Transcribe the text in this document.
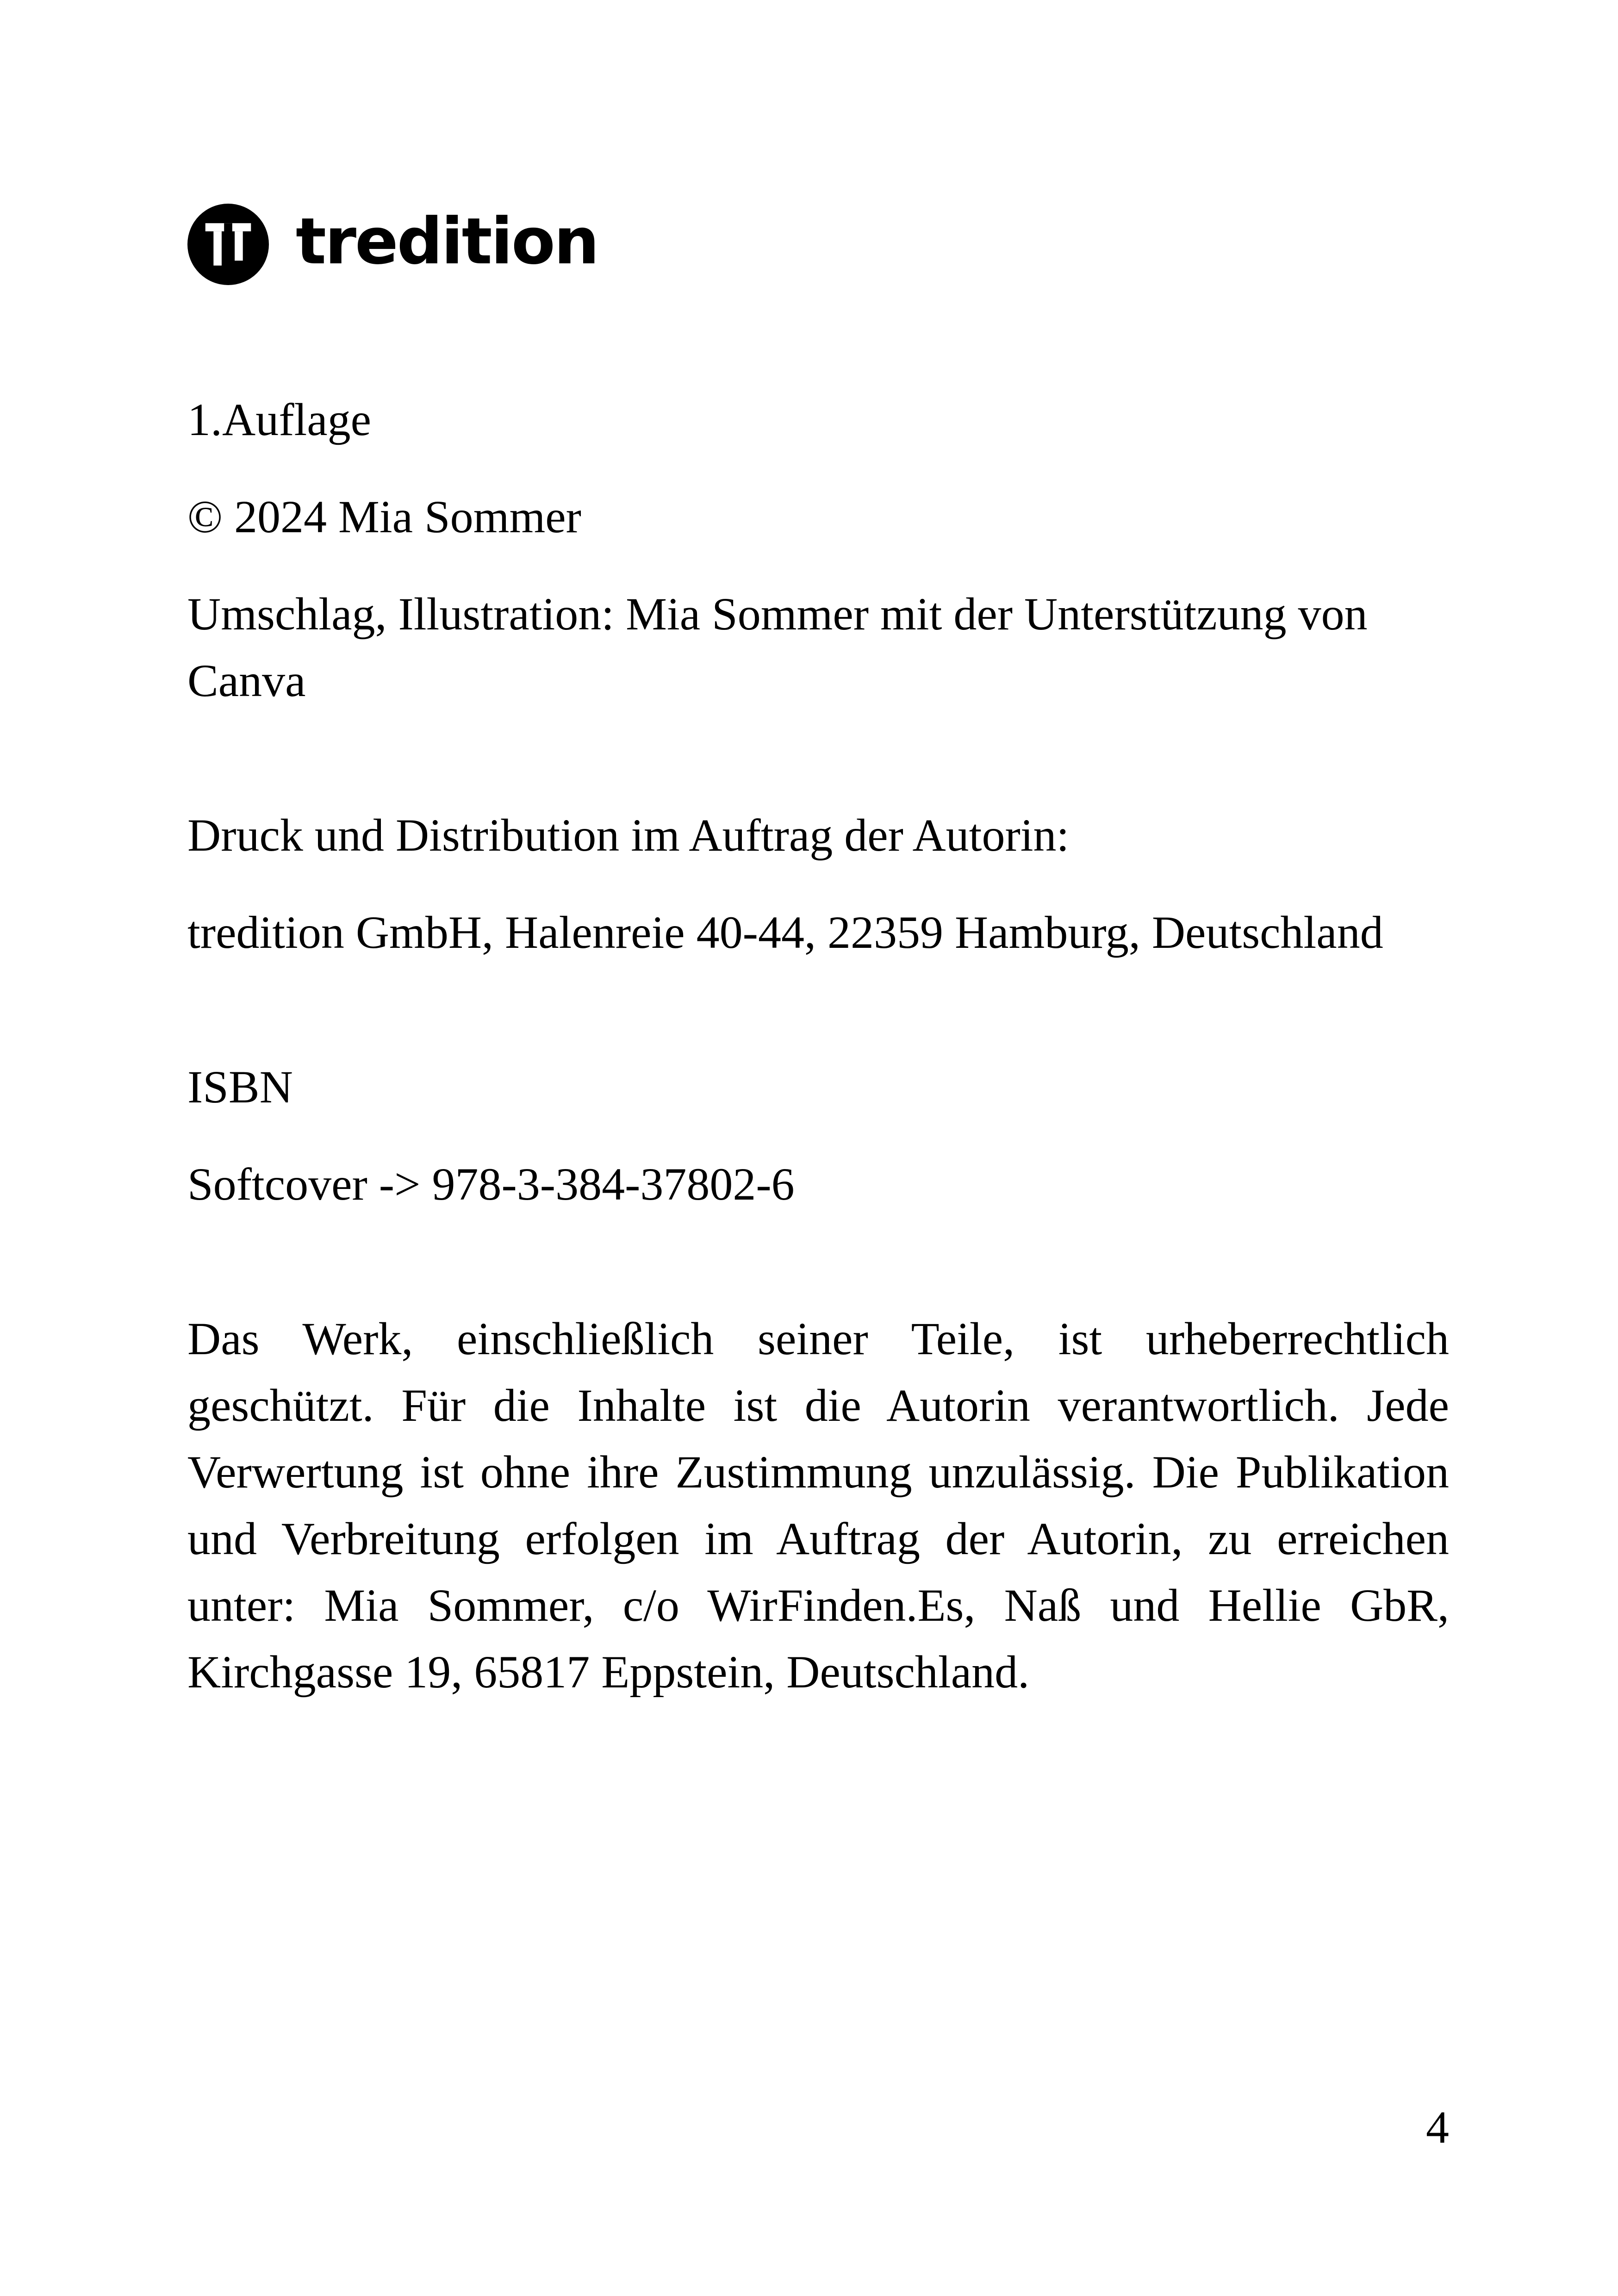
tredition

1.Auflage

© 2024 Mia Sommer

Umschlag, Illustration: Mia Sommer mit der Unterstützung von Canva

Druck und Distribution im Auftrag der Autorin:

tredition GmbH, Halenreie 40-44, 22359 Hamburg, Deutschland

ISBN

Softcover -> 978-3-384-37802-6

Das Werk, einschließlich seiner Teile, ist urheberrechtlich geschützt. Für die Inhalte ist die Autorin verantwortlich. Jede Verwertung ist ohne ihre Zustimmung unzulässig. Die Publikation und Verbreitung erfolgen im Auftrag der Autorin, zu erreichen unter: Mia Sommer, c/o WirFinden.Es, Naß und Hellie GbR, Kirchgasse 19, 65817 Eppstein, Deutschland.

4
